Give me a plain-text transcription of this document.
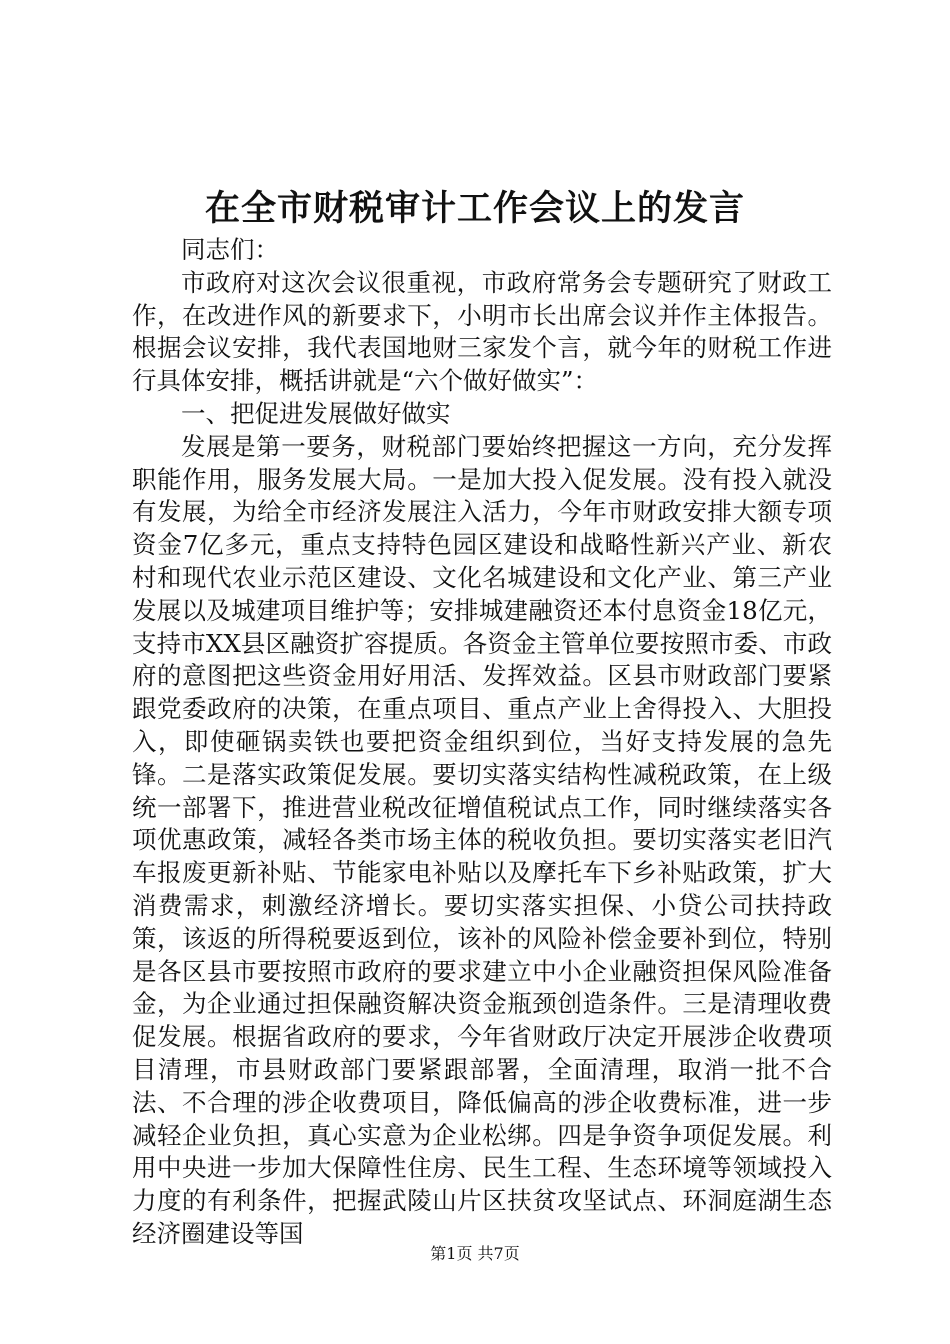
在全市财税审计工作会议上的发言

同志们：

市政府对这次会议很重视，市政府常务会专题研究了财政工作，在改进作风的新要求下，小明市长出席会议并作主体报告。根据会议安排，我代表国地财三家发个言，就今年的财税工作进行具体安排，概括讲就是“六个做好做实”：

一、把促进发展做好做实

发展是第一要务，财税部门要始终把握这一方向，充分发挥职能作用，服务发展大局。一是加大投入促发展。没有投入就没有发展，为给全市经济发展注入活力，今年市财政安排大额专项资金7亿多元，重点支持特色园区建设和战略性新兴产业、新农村和现代农业示范区建设、文化名城建设和文化产业、第三产业发展以及城建项目维护等；安排城建融资还本付息资金18亿元，支持市XX县区融资扩容提质。各资金主管单位要按照市委、市政府的意图把这些资金用好用活、发挥效益。区县市财政部门要紧跟党委政府的决策，在重点项目、重点产业上舍得投入、大胆投入，即使砸锅卖铁也要把资金组织到位，当好支持发展的急先锋。二是落实政策促发展。要切实落实结构性减税政策，在上级统一部署下，推进营业税改征增值税试点工作，同时继续落实各项优惠政策，减轻各类市场主体的税收负担。要切实落实老旧汽车报废更新补贴、节能家电补贴以及摩托车下乡补贴政策，扩大消费需求，刺激经济增长。要切实落实担保、小贷公司扶持政策，该返的所得税要返到位，该补的风险补偿金要补到位，特别是各区县市要按照市政府的要求建立中小企业融资担保风险准备金，为企业通过担保融资解决资金瓶颈创造条件。三是清理收费促发展。根据省政府的要求，今年省财政厅决定开展涉企收费项目清理，市县财政部门要紧跟部署，全面清理，取消一批不合法、不合理的涉企收费项目，降低偏高的涉企收费标准，进一步减轻企业负担，真心实意为企业松绑。四是争资争项促发展。利用中央进一步加大保障性住房、民生工程、生态环境等领域投入力度的有利条件，把握武陵山片区扶贫攻坚试点、环洞庭湖生态经济圈建设等国

第1页 共7页
